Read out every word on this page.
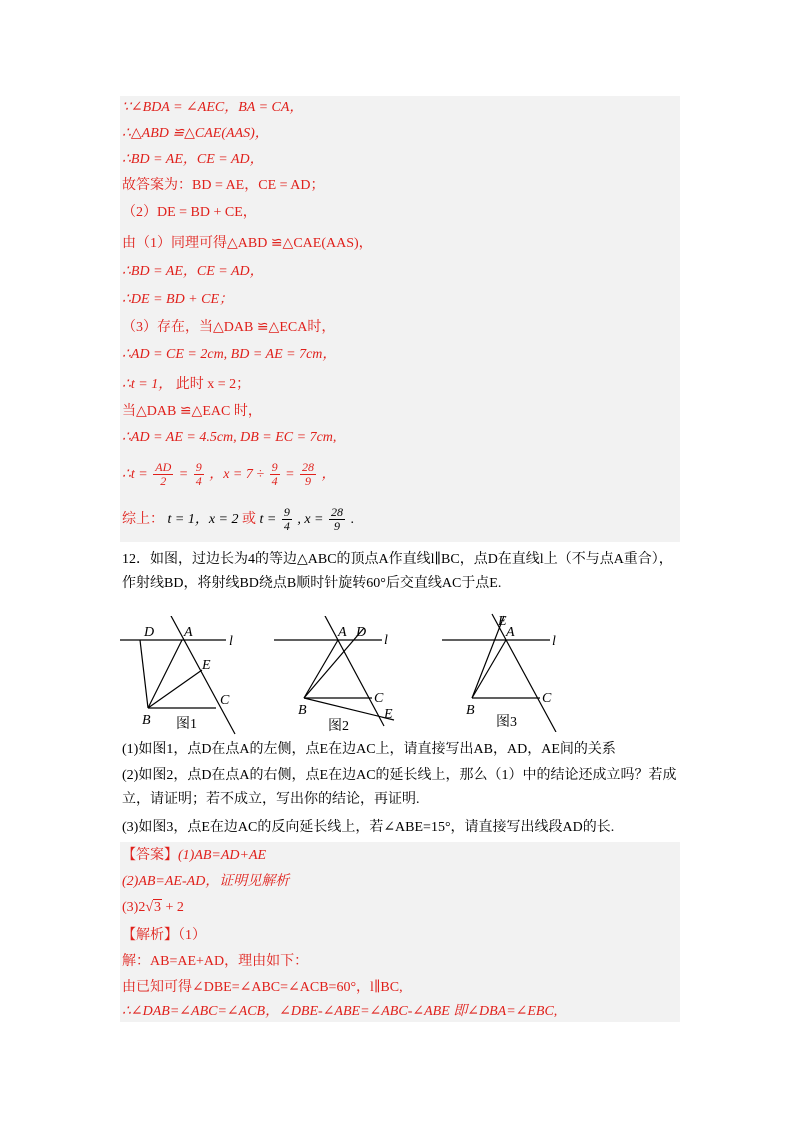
∵∠BDA = ∠AEC，BA = CA，
∴△ABD ≌△CAE(AAS)，
∴BD = AE，CE = AD，
故答案为：BD = AE，CE = AD；
（2）DE = BD + CE，
由（1）同理可得△ABD ≌△CAE(AAS)，
∴BD = AE，CE = AD，
∴DE = BD + CE；
（3）存在，当△DAB ≌△ECA时，
∴AD = CE = 2cm, BD = AE = 7cm，
∴t = 1， 此时 x = 2；
当△DAB ≌△EAC 时，
∴AD = AE = 4.5cm, DB = EC = 7cm,
∴t = $\frac{AD}{2} = \frac{9}{4}$ ，$x = 7 \div \frac{9}{4} = \frac{28}{9}$ ，
综上： t = 1，x = 2 或 $t = \frac{9}{4}$ , $x = \frac{28}{9}$ .
12．如图，过边长为4的等边△ABC的顶点A作直线l∥BC，点D在直线l上（不与点A重合），作射线BD，将射线BD绕点B顺时针旋转60°后交直线AC于点E.
D A
l
E
B
C
图1
A D
l
B
C
E
图2
E
A
l
B
C
图3
(1)如图1，点D在点A的左侧，点E在边AC上，请直接写出AB，AD，AE间的关系
(2)如图2，点D在点A的右侧，点E在边AC的延长线上，那么（1）中的结论还成立吗？若成立，请证明；若不成立，写出你的结论，再证明.
(3)如图3，点E在边AC的反向延长线上，若∠ABE=15°，请直接写出线段AD的长.
【答案】(1)AB=AD+AE
(2)AB=AE-AD，证明见解析
(3)2√3 + 2
【解析】（1）
解：AB=AE+AD，理由如下：
由已知可得∠DBE=∠ABC=∠ACB=60°，l∥BC,
∴∠DAB=∠ABC=∠ACB，∠DBE-∠ABE=∠ABC-∠ABE 即∠DBA=∠EBC,
